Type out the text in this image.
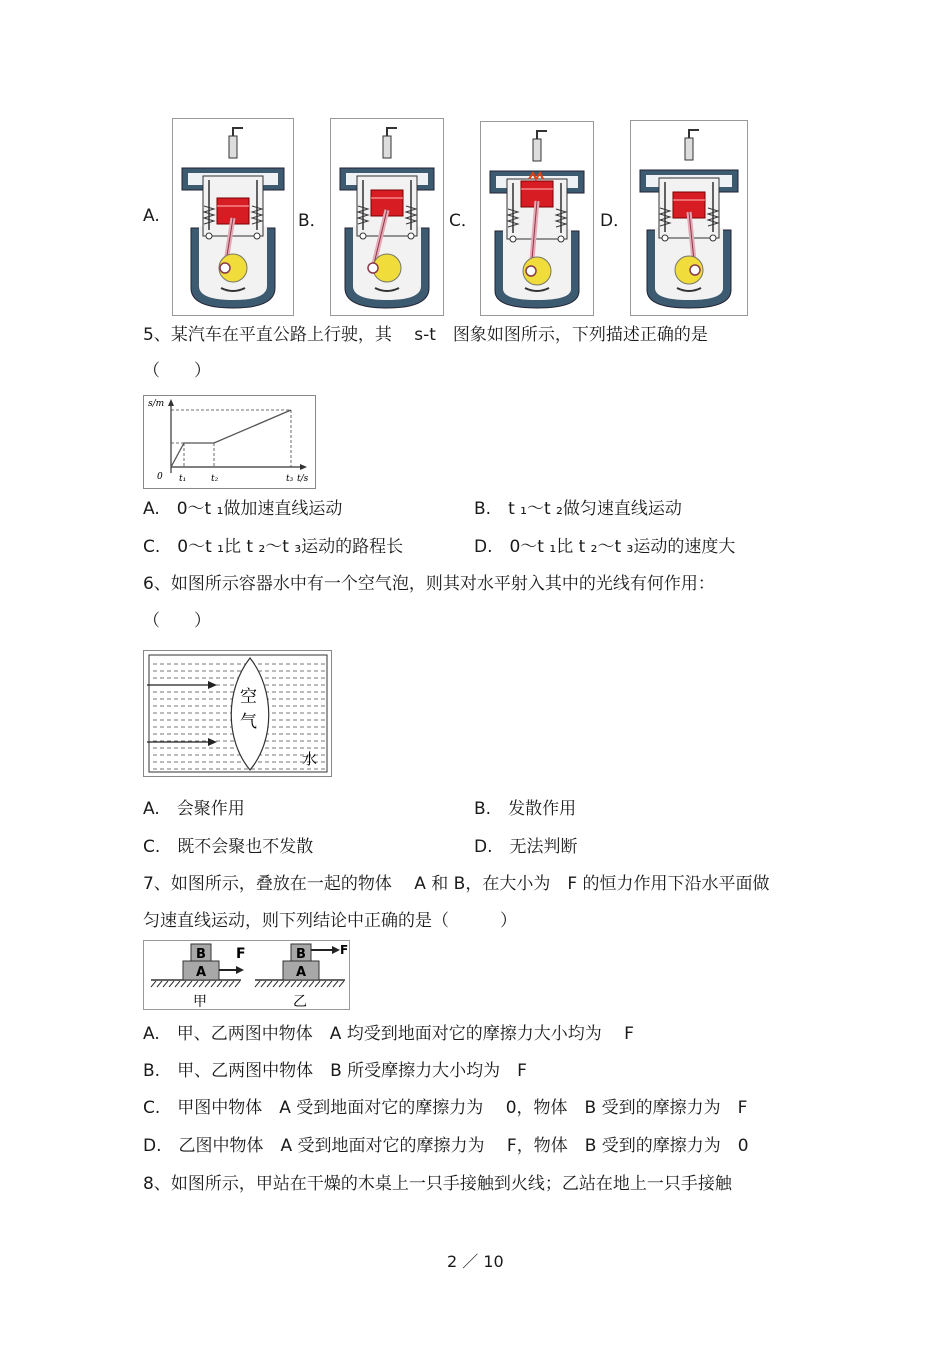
A.	B．	C．	D．
5、某汽车在平直公路上行驶，其　 s-t　图象如图所示，下列描述正确的是
（　　）
s/m
t/s
0 t₁	t₂	t₃
A.　0～t ₁做加速直线运动	B.　t ₁～t ₂做匀速直线运动
C.　0～t ₁比 t ₂～t ₃运动的路程长	D.　0～t ₁比 t ₂～t ₃运动的速度大
6、如图所示容器水中有一个空气泡，则其对水平射入其中的光线有何作用：
（　　）
空
气
水
A.　会聚作用	B.　发散作用
C.　既不会聚也不发散	D.　无法判断
7、如图所示，叠放在一起的物体　 A 和 B，在大小为　F 的恒力作用下沿水平面做
匀速直线运动，则下列结论中正确的是（　　　）
B
A
F
甲
B
A
F
乙
A.　甲、乙两图中物体　A 均受到地面对它的摩擦力大小均为　 F
B.　甲、乙两图中物体　B 所受摩擦力大小均为　F
C.　甲图中物体　A 受到地面对它的摩擦力为　 0，物体　B 受到的摩擦力为　F
D.　乙图中物体　A 受到地面对它的摩擦力为　 F，物体　B 受到的摩擦力为　0
8、如图所示，甲站在干燥的木桌上一只手接触到火线；乙站在地上一只手接触
2 ／ 10
